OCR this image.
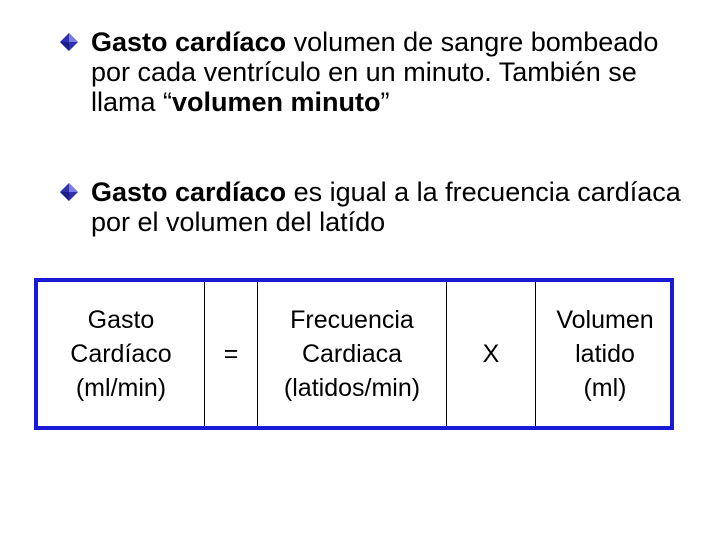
Gasto cardíaco volumen de sangre bombeado por cada ventrículo en un minuto. También se llama “volumen minuto”
Gasto cardíaco es igual a la frecuencia cardíaca por el volumen del latído
Gasto
Cardíaco
(ml/min)
=
Frecuencia
Cardiaca
(latidos/min)
X
Volumen
latido
(ml)
